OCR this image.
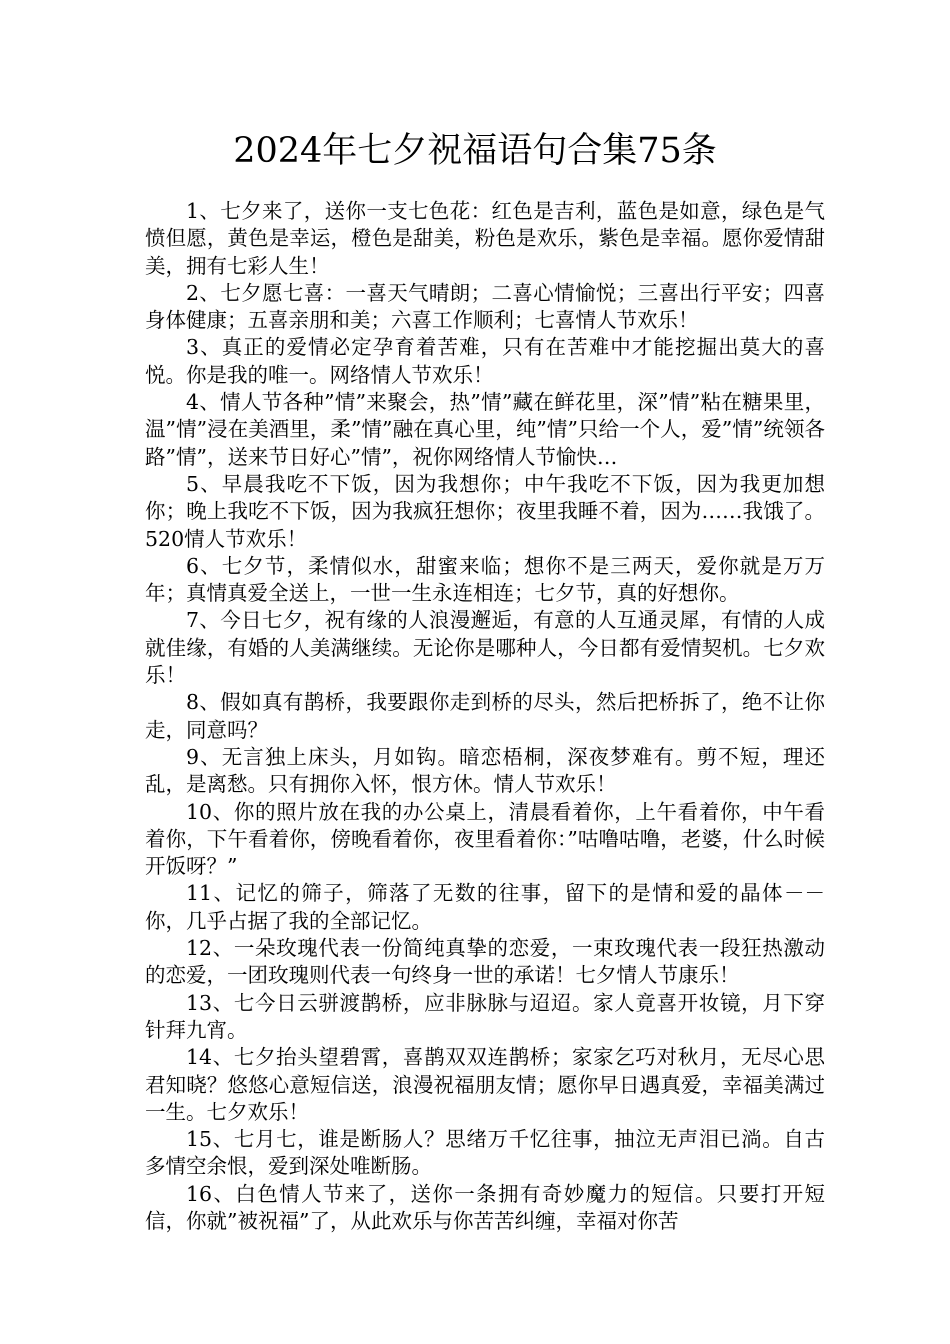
2024年七夕祝福语句合集75条

1、七夕来了，送你一支七色花：红色是吉利，蓝色是如意，绿色是气愤但愿，黄色是幸运，橙色是甜美，粉色是欢乐，紫色是幸福。愿你爱情甜美，拥有七彩人生！

2、七夕愿七喜：一喜天气晴朗；二喜心情愉悦；三喜出行平安；四喜身体健康；五喜亲朋和美；六喜工作顺利；七喜情人节欢乐！

3、真正的爱情必定孕育着苦难，只有在苦难中才能挖掘出莫大的喜悦。你是我的唯一。网络情人节欢乐！

4、情人节各种”情”来聚会，热”情”藏在鲜花里，深”情”粘在糖果里，温”情”浸在美酒里，柔”情”融在真心里，纯”情”只给一个人，爱”情”统领各路”情”，送来节日好心”情”，祝你网络情人节愉快…

5、早晨我吃不下饭，因为我想你；中午我吃不下饭，因为我更加想你；晚上我吃不下饭，因为我疯狂想你；夜里我睡不着，因为……我饿了。520情人节欢乐！

6、七夕节，柔情似水，甜蜜来临；想你不是三两天，爱你就是万万年；真情真爱全送上，一世一生永连相连；七夕节，真的好想你。

7、今日七夕，祝有缘的人浪漫邂逅，有意的人互通灵犀，有情的人成就佳缘，有婚的人美满继续。无论你是哪种人，今日都有爱情契机。七夕欢乐！

8、假如真有鹊桥，我要跟你走到桥的尽头，然后把桥拆了，绝不让你走，同意吗？

9、无言独上床头，月如钩。暗恋梧桐，深夜梦难有。剪不短，理还乱，是离愁。只有拥你入怀，恨方休。情人节欢乐！

10、你的照片放在我的办公桌上，清晨看着你，上午看着你，中午看着你，下午看着你，傍晚看着你，夜里看着你：”咕噜咕噜，老婆，什么时候开饭呀？”

11、记忆的筛子，筛落了无数的往事，留下的是情和爱的晶体－－你，几乎占据了我的全部记忆。

12、一朵玫瑰代表一份简纯真挚的恋爱，一束玫瑰代表一段狂热激动的恋爱，一团玫瑰则代表一句终身一世的承诺！七夕情人节康乐！

13、七今日云骈渡鹊桥，应非脉脉与迢迢。家人竟喜开妆镜，月下穿针拜九宵。

14、七夕抬头望碧霄，喜鹊双双连鹊桥；家家乞巧对秋月，无尽心思君知晓？悠悠心意短信送，浪漫祝福朋友情；愿你早日遇真爱，幸福美满过一生。七夕欢乐！

15、七月七，谁是断肠人？思绪万千忆往事，抽泣无声泪已淌。自古多情空余恨，爱到深处唯断肠。

16、白色情人节来了，送你一条拥有奇妙魔力的短信。只要打开短信，你就”被祝福”了，从此欢乐与你苦苦纠缠，幸福对你苦
